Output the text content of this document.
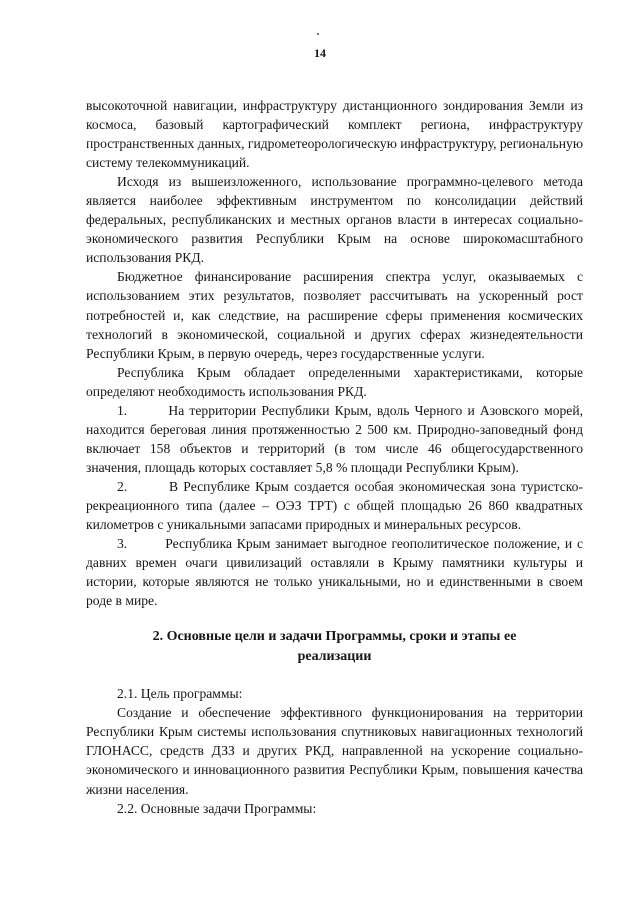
14

высокоточной навигации, инфраструктуру дистанционного зондирования Земли из космоса, базовый картографический комплект региона, инфраструктуру пространственных данных, гидрометеорологическую инфраструктуру, региональную систему телекоммуникаций.

Исходя из вышеизложенного, использование программно-целевого метода является наиболее эффективным инструментом по консолидации действий федеральных, республиканских и местных органов власти в интересах социально-экономического развития Республики Крым на основе широкомасштабного использования РКД.

Бюджетное финансирование расширения спектра услуг, оказываемых с использованием этих результатов, позволяет рассчитывать на ускоренный рост потребностей и, как следствие, на расширение сферы применения космических технологий в экономической, социальной и других сферах жизнедеятельности Республики Крым, в первую очередь, через государственные услуги.

Республика Крым обладает определенными характеристиками, которые определяют необходимость использования РКД.

1.        На территории Республики Крым, вдоль Черного и Азовского морей, находится береговая линия протяженностью 2 500 км. Природно-заповедный фонд включает 158 объектов и территорий (в том числе 46 общегосударственного значения, площадь которых составляет 5,8 % площади Республики Крым).

2.        В Республике Крым создается особая экономическая зона туристско-рекреационного типа (далее – ОЭЗ ТРТ) с общей площадью 26 860 квадратных километров с уникальными запасами природных и минеральных ресурсов.

3.        Республика Крым занимает выгодное геополитическое положение, и с давних времен очаги цивилизаций оставляли в Крыму памятники культуры и истории, которые являются не только уникальными, но и единственными в своем роде в мире.

2. Основные цели и задачи Программы, сроки и этапы ее
реализации

2.1. Цель программы:

Создание и обеспечение эффективного функционирования на территории Республики Крым системы использования спутниковых навигационных технологий ГЛОНАСС, средств ДЗЗ и других РКД, направленной на ускорение социально-экономического и инновационного развития Республики Крым, повышения качества жизни населения.

2.2. Основные задачи Программы:
